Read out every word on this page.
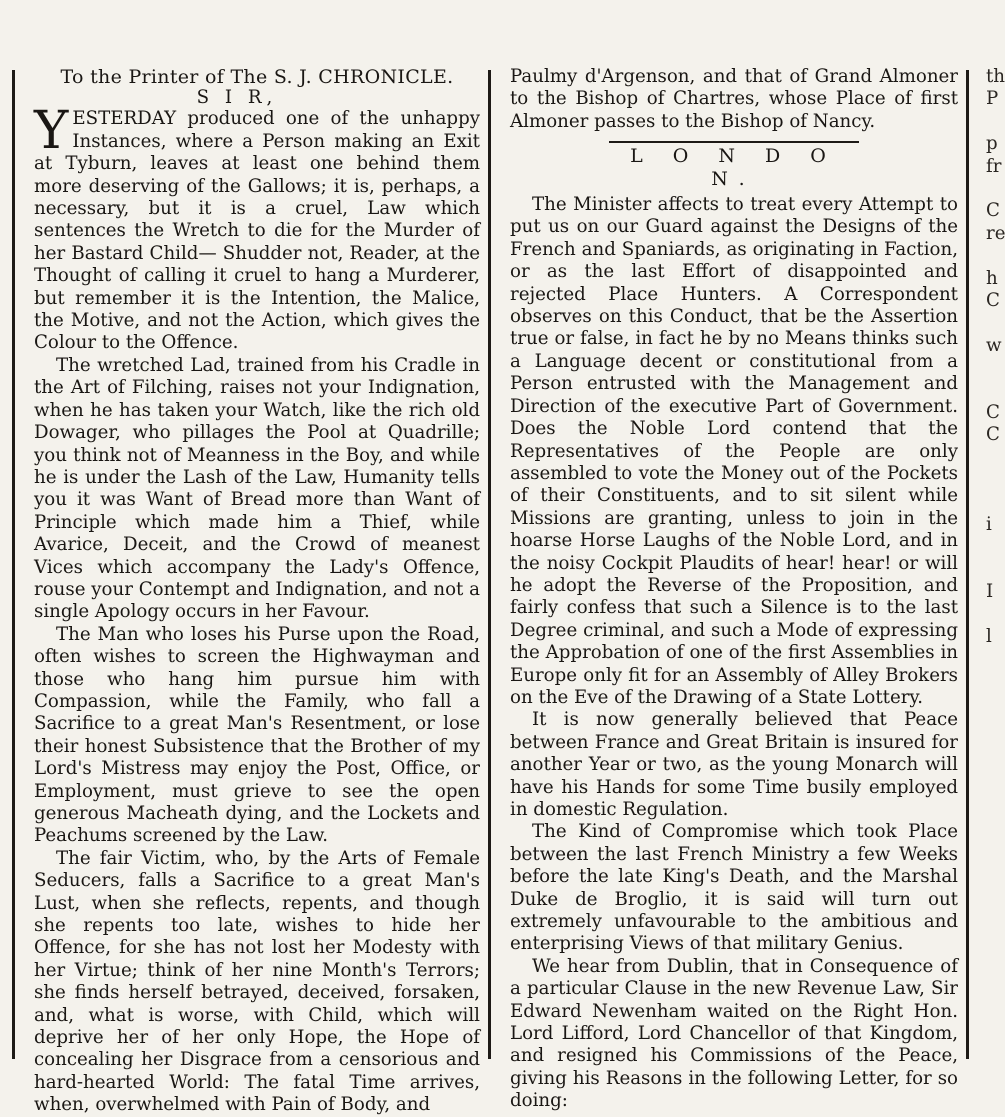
To the Printer of The S. J. CHRONICLE.
S I R,

YESTERDAY produced one of the unhappy Instances, where a Person making an Exit at Tyburn, leaves at least one behind them more deserving of the Gallows; it is, perhaps, a necessary, but it is a cruel, Law which sentences the Wretch to die for the Murder of her Bastard Child— Shudder not, Reader, at the Thought of calling it cruel to hang a Murderer, but remember it is the Intention, the Malice, the Motive, and not the Action, which gives the Colour to the Offence.

The wretched Lad, trained from his Cradle in the Art of Filching, raises not your Indignation, when he has taken your Watch, like the rich old Dowager, who pillages the Pool at Quadrille; you think not of Meanness in the Boy, and while he is under the Lash of the Law, Humanity tells you it was Want of Bread more than Want of Principle which made him a Thief, while Avarice, Deceit, and the Crowd of meanest Vices which accompany the Lady's Offence, rouse your Contempt and Indignation, and not a single Apology occurs in her Favour.

The Man who loses his Purse upon the Road, often wishes to screen the Highwayman and those who hang him pursue him with Compassion, while the Family, who fall a Sacrifice to a great Man's Resentment, or lose their honest Subsistence that the Brother of my Lord's Mistress may enjoy the Post, Office, or Employment, must grieve to see the open generous Macheath dying, and the Lockets and Peachums screened by the Law.

The fair Victim, who, by the Arts of Female Seducers, falls a Sacrifice to a great Man's Lust, when she reflects, repents, and though she repents too late, wishes to hide her Offence, for she has not lost her Modesty with her Virtue; think of her nine Month's Terrors; she finds herself betrayed, deceived, forsaken, and, what is worse, with Child, which will deprive her of her only Hope, the Hope of concealing her Disgrace from a censorious and hard-hearted World: The fatal Time arrives, when, overwhelmed with Pain of Body, and

Paulmy d'Argenson, and that of Grand Almoner to the Bishop of Chartres, whose Place of first Almoner passes to the Bishop of Nancy.

L O N D O N.

The Minister affects to treat every Attempt to put us on our Guard against the Designs of the French and Spaniards, as originating in Faction, or as the last Effort of disappointed and rejected Place Hunters. A Correspondent observes on this Conduct, that be the Assertion true or false, in fact he by no Means thinks such a Language decent or constitutional from a Person entrusted with the Management and Direction of the executive Part of Government. Does the Noble Lord contend that the Representatives of the People are only assembled to vote the Money out of the Pockets of their Constituents, and to sit silent while Missions are granting, unless to join in the hoarse Horse Laughs of the Noble Lord, and in the noisy Cockpit Plaudits of hear! hear! or will he adopt the Reverse of the Proposition, and fairly confess that such a Silence is to the last Degree criminal, and such a Mode of expressing the Approbation of one of the first Assemblies in Europe only fit for an Assembly of Alley Brokers on the Eve of the Drawing of a State Lottery.

It is now generally believed that Peace between France and Great Britain is insured for another Year or two, as the young Monarch will have his Hands for some Time busily employed in domestic Regulation.

The Kind of Compromise which took Place between the last French Ministry a few Weeks before the late King's Death, and the Marshal Duke de Broglio, it is said will turn out extremely unfavourable to the ambitious and enterprising Views of that military Genius.

We hear from Dublin, that in Consequence of a particular Clause in the new Revenue Law, Sir Edward Newenham waited on the Right Hon. Lord Lifford, Lord Chancellor of that Kingdom, and resigned his Commissions of the Peace, giving his Reasons in the following Letter, for so doing:

th
P
p
fr
C
re
h
C
w
C
C
i
I
l
